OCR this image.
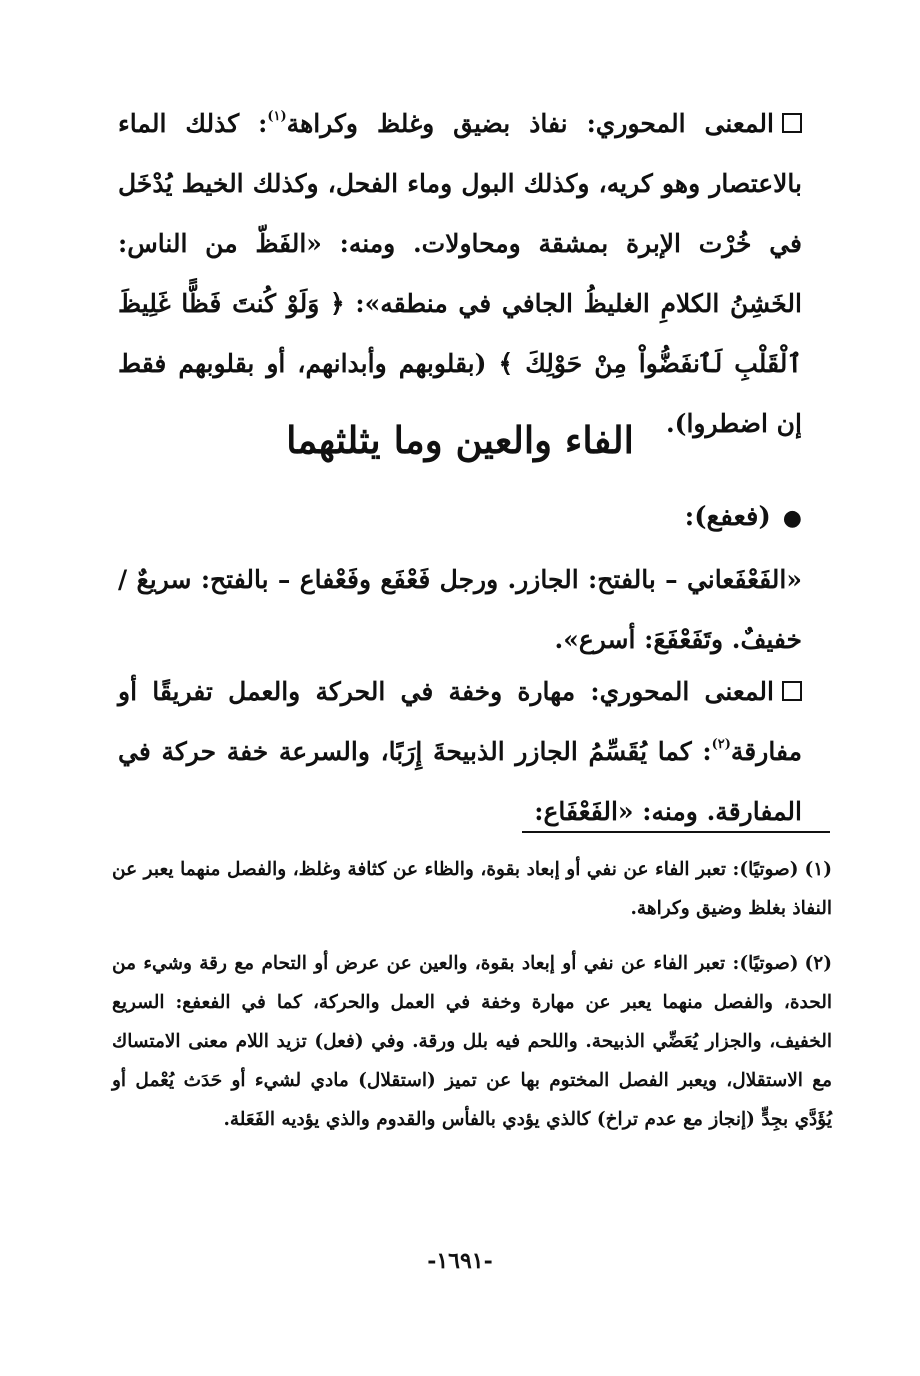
المعنى المحوري: نفاذ بضيق وغلظ وكراهة$^{(١)}$: كذلك الماء بالاعتصار وهو كريه، وكذلك البول وماء الفحل، وكذلك الخيط يُدْخَل في خُرْت الإبرة بمشقة ومحاولات. ومنه: «الفَظّ من الناس: الخَشِنُ الكلامِ الغليظُ الجافي في منطقه»: ﴿ وَلَوْ كُنتَ فَظًّا غَلِيظَ ٱلْقَلْبِ لَٱنفَضُّواْ مِنْ حَوْلِكَ ﴾ (بقلوبهم وأبدانهم، أو بقلوبهم فقط إن اضطروا).

الفاء والعين وما يثلثهما
●(فعفع):

«الفَعْفَعاني – بالفتح: الجازر. ورجل فَعْفَع وفَعْفاع – بالفتح: سريعٌ / خفيفٌ. وتَفَعْفَعَ: أسرع».

المعنى المحوري: مهارة وخفة في الحركة والعمل تفريقًا أو مفارقة$^{(٢)}$: كما يُقَسِّمُ الجازر الذبيحةَ إِرَبًا، والسرعة خفة حركة في المفارقة. ومنه: «الفَعْفَاع:

(١)(صوتيًا): تعبر الفاء عن نفي أو إبعاد بقوة، والظاء عن كثافة وغلظ، والفصل منهما يعبر عن النفاذ بغلظ وضيق وكراهة.
(٢)(صوتيًا): تعبر الفاء عن نفي أو إبعاد بقوة، والعين عن عرض أو التحام مع رقة وشيء من الحدة، والفصل منهما يعبر عن مهارة وخفة في العمل والحركة، كما في الفعفع: السريع الخفيف، والجزار يُعَضِّي الذبيحة. واللحم فيه بلل ورقة. وفي (فعل) تزيد اللام معنى الامتساك مع الاستقلال، ويعبر الفصل المختوم بها عن تميز (استقلال) مادي لشيء أو حَدَث يُعْمل أو يُؤَدَّي بجِدٍّ (إنجاز مع عدم تراخ) كالذي يؤدي بالفأس والقدوم والذي يؤديه الفَعَلة.
-١٦٩١-
